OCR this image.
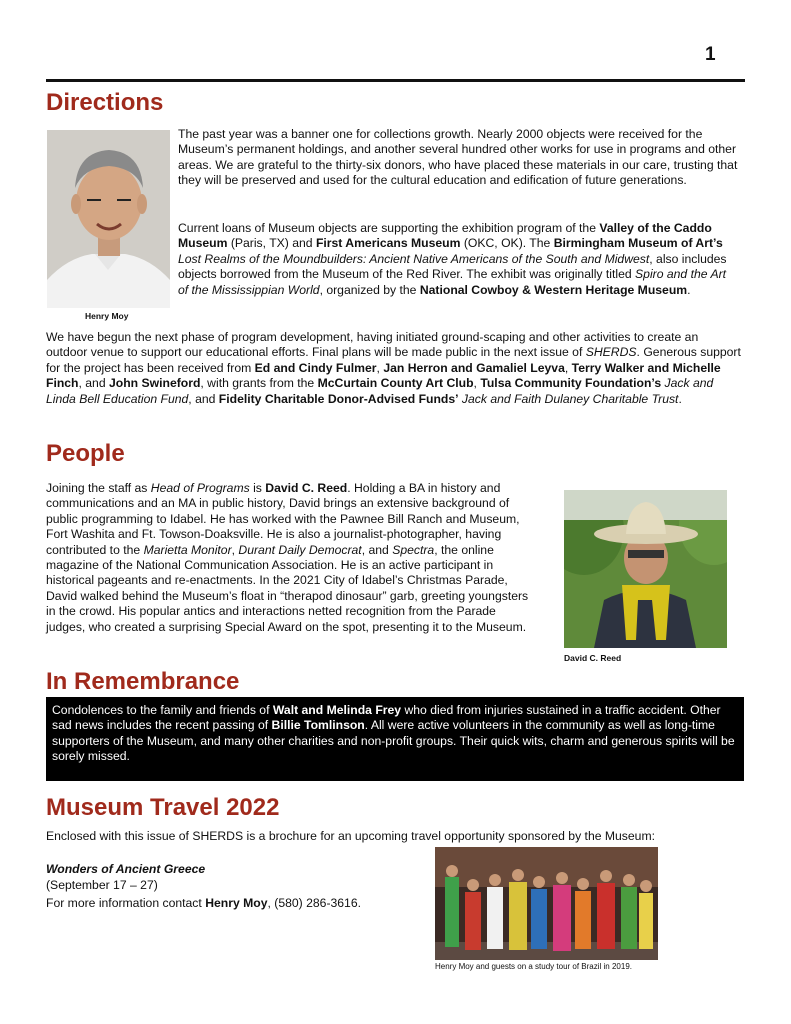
1
Directions
Henry Moy

The past year was a banner one for collections growth. Nearly 2000 objects were received for the Museum’s permanent holdings, and another several hundred other works for use in programs and other areas. We are grateful to the thirty-six donors, who have placed these materials in our care, trusting that they will be preserved and used for the cultural education and edification of future generations.

Current loans of Museum objects are supporting the exhibition program of the Valley of the Caddo Museum (Paris, TX) and First Americans Museum (OKC, OK). The Birmingham Museum of Art’s Lost Realms of the Moundbuilders: Ancient Native Americans of the South and Midwest, also includes objects borrowed from the Museum of the Red River. The exhibit was originally titled Spiro and the Art of the Mississippian World, organized by the National Cowboy & Western Heritage Museum.

We have begun the next phase of program development, having initiated ground-scaping and other activities to create an outdoor venue to support our educational efforts. Final plans will be made public in the next issue of SHERDS. Generous support for the project has been received from Ed and Cindy Fulmer, Jan Herron and Gamaliel Leyva, Terry Walker and Michelle Finch, and John Swineford, with grants from the McCurtain County Art Club, Tulsa Community Foundation’s Jack and Linda Bell Education Fund, and Fidelity Charitable Donor-Advised Funds’ Jack and Faith Dulaney Charitable Trust.

People

Joining the staff as Head of Programs is David C. Reed. Holding a BA in history and communications and an MA in public history, David brings an extensive background of public programming to Idabel. He has worked with the Pawnee Bill Ranch and Museum, Fort Washita and Ft. Towson-Doaksville. He is also a journalist-photographer, having contributed to the Marietta Monitor, Durant Daily Democrat, and Spectra, the online magazine of the National Communication Association. He is an active participant in historical pageants and re-enactments. In the 2021 City of Idabel’s Christmas Parade, David walked behind the Museum’s float in “therapod dinosaur” garb, greeting youngsters in the crowd. His popular antics and interactions netted recognition from the Parade judges, who created a surprising Special Award on the spot, presenting it to the Museum.

David C. Reed
In Remembrance

Condolences to the family and friends of Walt and Melinda Frey who died from injuries sustained in a traffic accident. Other sad news includes the recent passing of Billie Tomlinson. All were active volunteers in the community as well as long-time supporters of the Museum, and many other charities and non-profit groups. Their quick wits, charm and generous spirits will be sorely missed.

Museum Travel 2022

Enclosed with this issue of SHERDS is a brochure for an upcoming travel opportunity sponsored by the Museum:

Wonders of Ancient Greece

(September 17 – 27)

For more information contact Henry Moy, (580) 286-3616.

Henry Moy and guests on a study tour of Brazil in 2019.
